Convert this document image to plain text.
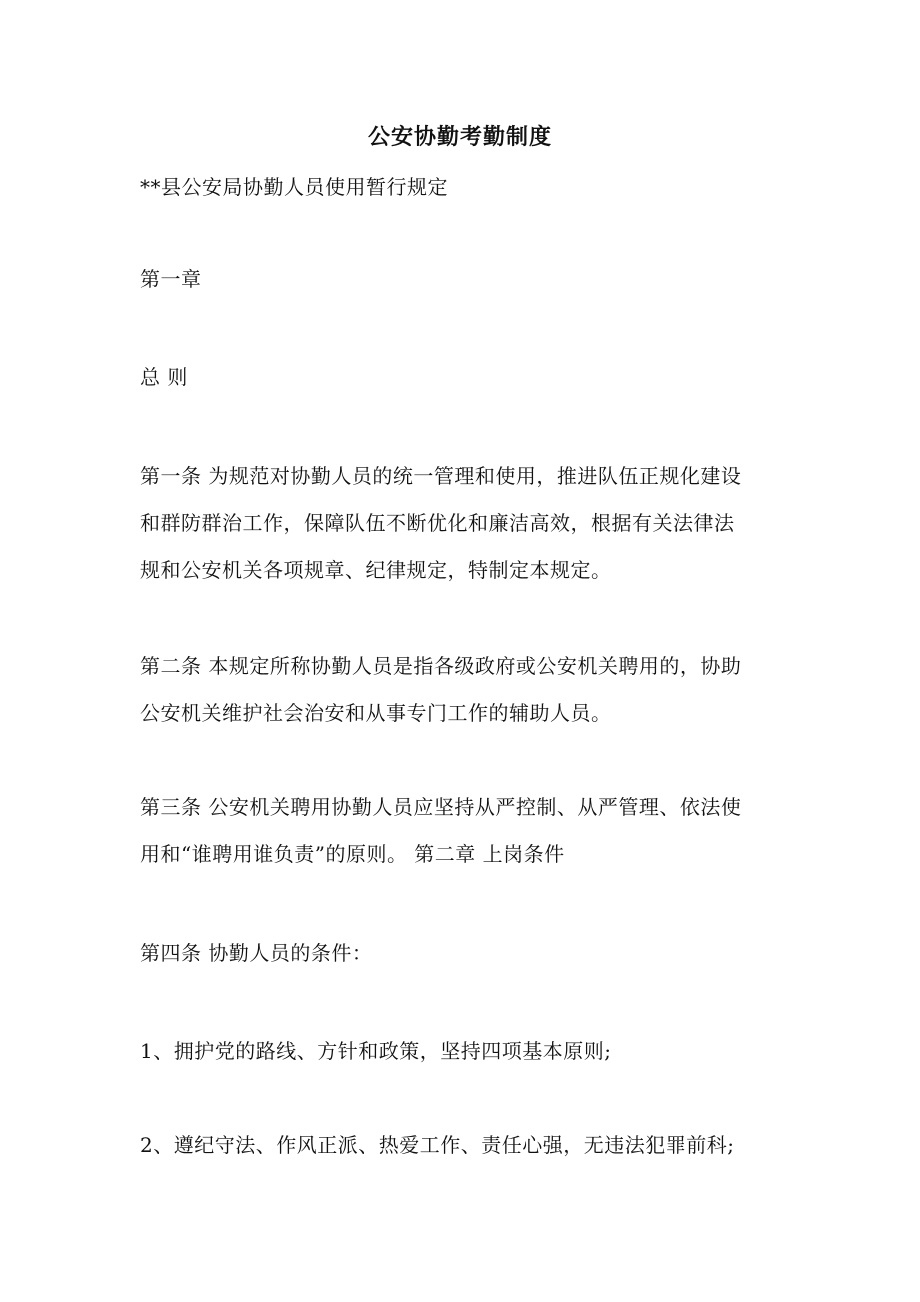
公安协勤考勤制度
**县公安局协勤人员使用暂行规定
第一章
总 则
第一条 为规范对协勤人员的统一管理和使用，推进队伍正规化建设
和群防群治工作，保障队伍不断优化和廉洁高效，根据有关法律法
规和公安机关各项规章、纪律规定，特制定本规定。
第二条 本规定所称协勤人员是指各级政府或公安机关聘用的，协助
公安机关维护社会治安和从事专门工作的辅助人员。
第三条 公安机关聘用协勤人员应坚持从严控制、从严管理、依法使
用和“谁聘用谁负责”的原则。 第二章 上岗条件
第四条 协勤人员的条件：
1、拥护党的路线、方针和政策，坚持四项基本原则;
2、遵纪守法、作风正派、热爱工作、责任心强，无违法犯罪前科;
